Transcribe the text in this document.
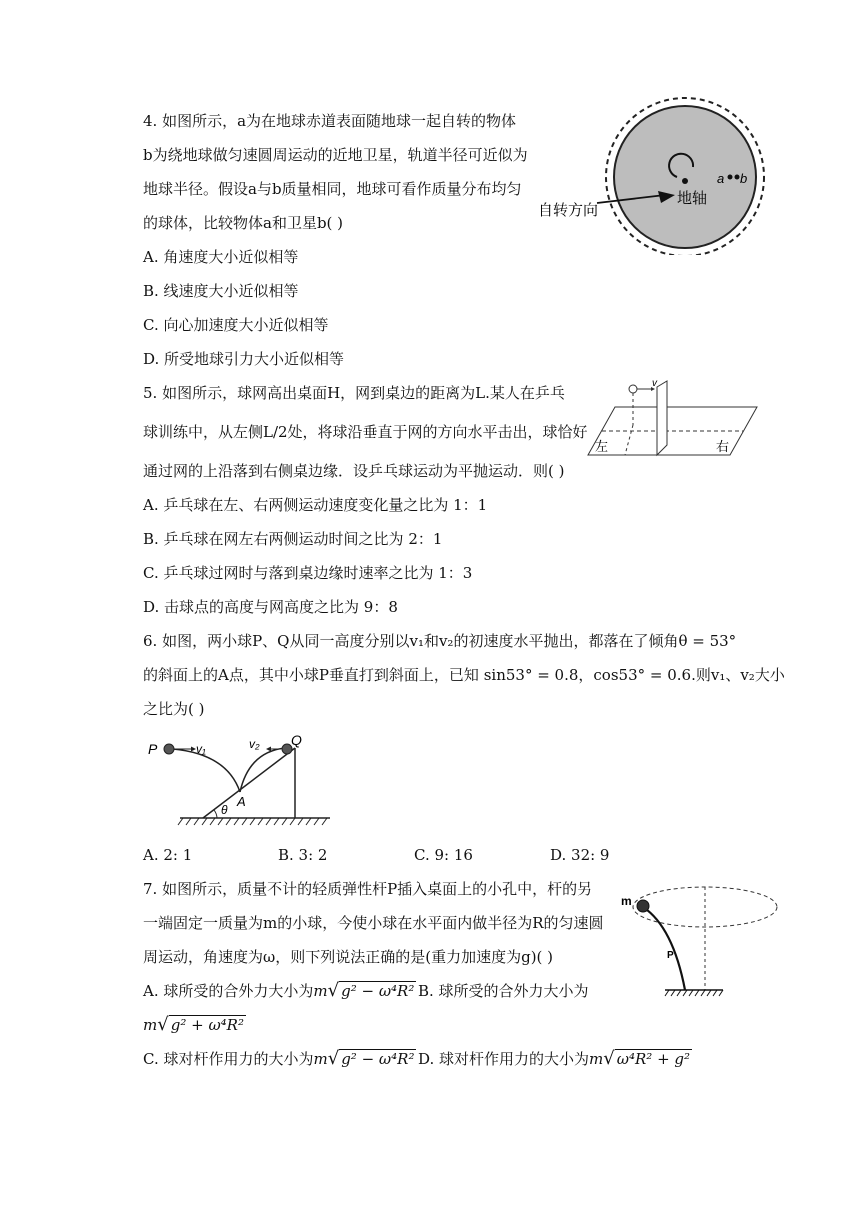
4. 如图所示，a为在地球赤道表面随地球一起自转的物体
b为绕地球做匀速圆周运动的近地卫星，轨道半径可近似为
地球半径。假设a与b质量相同，地球可看作质量分布均匀
的球体，比较物体a和卫星b( )
A. 角速度大小近似相等
B. 线速度大小近似相等
C. 向心加速度大小近似相等
D. 所受地球引力大小近似相等
自转方向
地轴
a b
5. 如图所示，球网高出桌面H，网到桌边的距离为L.某人在乒乓
球训练中，从左侧L/2处，将球沿垂直于网的方向水平击出，球恰好
通过网的上沿落到右侧桌边缘．设乒乓球运动为平抛运动．则( )
A. 乒乓球在左、右两侧运动速度变化量之比为 1：1
B. 乒乓球在网左右两侧运动时间之比为 2：1
C. 乒乓球过网时与落到桌边缘时速率之比为 1：3
D. 击球点的高度与网高度之比为 9：8
v
左	右
6. 如图，两小球P、Q从同一高度分别以v₁和v₂的初速度水平抛出，都落在了倾角θ = 53°
的斜面上的A点，其中小球P垂直打到斜面上，已知 sin53° = 0.8，cos53° = 0.6.则v₁、v₂大小
之比为( )
P
Q
v₁	v₂
A
θ
A. 2: 1	B. 3: 2	C. 9: 16	D. 32: 9
7. 如图所示，质量不计的轻质弹性杆P插入桌面上的小孔中，杆的另
一端固定一质量为m的小球，今使小球在水平面内做半径为R的匀速圆
周运动，角速度为ω，则下列说法正确的是(重力加速度为g)( )
A. 球所受的合外力大小为m√ g² − ω⁴R² B. 球所受的合外力大小为
m√ g² + ω⁴R²
C. 球对杆作用力的大小为m√ g² − ω⁴R² D. 球对杆作用力的大小为m√ ω⁴R² + g²
m
P
